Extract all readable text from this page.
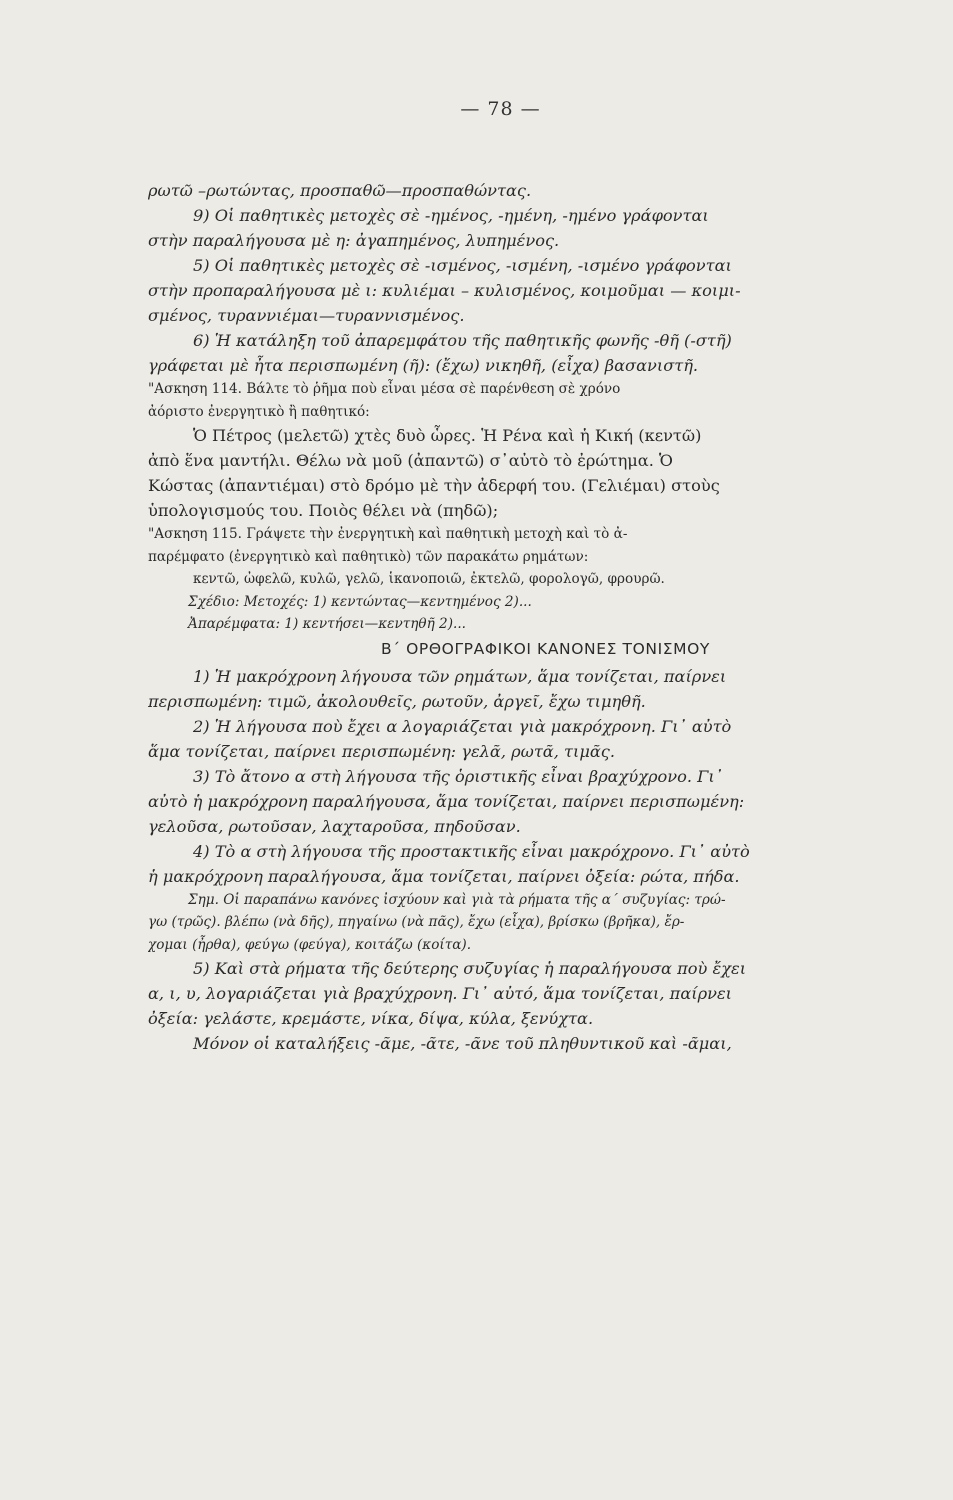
— 78 —
ρωτῶ –ρωτώντας, προσπαθῶ—προσπαθώντας.
9) Οἱ παθητικὲς μετοχὲς σὲ -ημένος, -ημένη, -ημένο γράφονται
στὴν παραλήγουσα μὲ η: ἀγαπημένος, λυπημένος.
5) Οἱ παθητικὲς μετοχὲς σὲ -ισμένος, -ισμένη, -ισμένο γράφονται
στὴν προπαραλήγουσα μὲ ι: κυλιέμαι – κυλισμένος, κοιμοῦμαι — κοιμι-
σμένος, τυραννιέμαι—τυραννισμένος.
6) Ἡ κατάληξη τοῦ ἀπαρεμφάτου τῆς παθητικῆς φωνῆς -θῆ (-στῆ)
γράφεται μὲ ἦτα περισπωμένη (ῆ): (ἔχω) νικηθῆ, (εἶχα) βασανιστῆ.
"Ασκηση 114. Βάλτε τὸ ῥῆμα ποὺ εἶναι μέσα σὲ παρένθεση σὲ χρόνο
ἀόριστο ἐνεργητικὸ ἢ παθητικό:
Ὁ Πέτρος (μελετῶ) χτὲς δυὸ ὧρες. Ἡ Ρένα καὶ ἡ Κική (κεντῶ)
ἀπὸ ἕνα μαντήλι. Θέλω νὰ μοῦ (ἀπαντῶ) σ᾽αὐτὸ τὸ ἐρώτημα. Ὁ
Κώστας (ἀπαντιέμαι) στὸ δρόμο μὲ τὴν ἀδερφή του. (Γελιέμαι) στοὺς
ὑπολογισμούς του. Ποιὸς θέλει νὰ (πηδῶ);
"Ασκηση 115. Γράψετε τὴν ἐνεργητικὴ καὶ παθητικὴ μετοχὴ καὶ τὸ ἀ-
παρέμφατο (ἐνεργητικὸ καὶ παθητικὸ) τῶν παρακάτω ρημάτων:
κεντῶ, ὠφελῶ, κυλῶ, γελῶ, ἱκανοποιῶ, ἐκτελῶ, φορολογῶ, φρουρῶ.
Σχέδιο: Μετοχές: 1) κεντώντας—κεντημένος 2)...
Ἀπαρέμφατα: 1) κεντήσει—κεντηθῆ 2)...
Β΄ ΟΡΘΟΓΡΑΦΙΚΟΙ ΚΑΝΟΝΕΣ ΤΟΝΙΣΜΟΥ
1) Ἡ μακρόχρονη λήγουσα τῶν ρημάτων, ἅμα τονίζεται, παίρνει
περισπωμένη: τιμῶ, ἀκολουθεῖς, ρωτοῦν, ἀργεῖ, ἔχω τιμηθῆ.
2) Ἡ λήγουσα ποὺ ἔχει α λογαριάζεται γιὰ μακρόχρονη. Γι᾽ αὐτὸ
ἅμα τονίζεται, παίρνει περισπωμένη: γελᾶ, ρωτᾶ, τιμᾶς.
3) Τὸ ἄτονο α στὴ λήγουσα τῆς ὁριστικῆς εἶναι βραχύχρονο. Γι᾽
αὐτὸ ἡ μακρόχρονη παραλήγουσα, ἅμα τονίζεται, παίρνει περισπωμένη:
γελοῦσα, ρωτοῦσαν, λαχταροῦσα, πηδοῦσαν.
4) Τὸ α στὴ λήγουσα τῆς προστακτικῆς εἶναι μακρόχρονο. Γι᾽ αὐτὸ
ἡ μακρόχρονη παραλήγουσα, ἅμα τονίζεται, παίρνει ὀξεία: ρώτα, πήδα.
Σημ. Οἱ παραπάνω κανόνες ἰσχύουν καὶ γιὰ τὰ ρήματα τῆς α΄ συζυγίας: τρώ-
γω (τρῶς). βλέπω (νὰ δῆς), πηγαίνω (νὰ πᾶς), ἔχω (εἶχα), βρίσκω (βρῆκα), ἔρ-
χομαι (ἦρθα), φεύγω (φεύγα), κοιτάζω (κοίτα).
5) Καὶ στὰ ρήματα τῆς δεύτερης συζυγίας ἡ παραλήγουσα ποὺ ἔχει
α, ι, υ, λογαριάζεται γιὰ βραχύχρονη. Γι᾽ αὐτό, ἅμα τονίζεται, παίρνει
ὀξεία: γελάστε, κρεμάστε, νίκα, δίψα, κύλα, ξενύχτα.
Μόνον οἱ καταλήξεις -ᾶμε, -ᾶτε, -ᾶνε τοῦ πληθυντικοῦ καὶ -ᾶμαι,
